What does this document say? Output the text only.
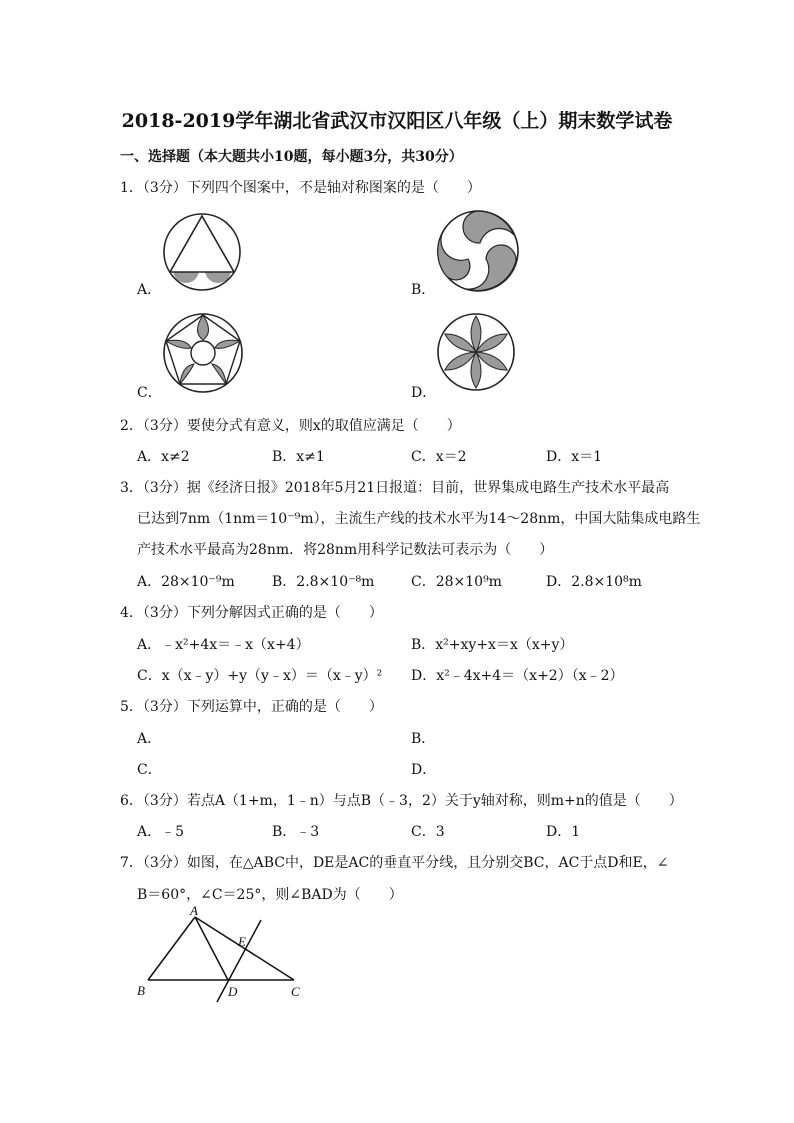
2018-2019学年湖北省武汉市汉阳区八年级（上）期末数学试卷
一、选择题（本大题共小10题，每小题3分，共30分）
1．（3分）下列四个图案中，不是轴对称图案的是（　　）
A．	B．
C．	D．
2．（3分）要使分式有意义，则x的取值应满足（　　）
A．x≠2	B．x≠1	C．x＝2	D．x＝1
3．（3分）据《经济日报》2018年5月21日报道：目前，世界集成电路生产技术水平最高
已达到7nm（1nm＝10⁻⁹m），主流生产线的技术水平为14～28nm，中国大陆集成电路生
产技术水平最高为28nm．将28nm用科学记数法可表示为（　　）
A．28×10⁻⁹m	B．2.8×10⁻⁸m	C．28×10⁹m	D．2.8×10⁸m
4．（3分）下列分解因式正确的是（　　）
A．﹣x²+4x＝﹣x（x+4）	B．x²+xy+x＝x（x+y）
C．x（x﹣y）+y（y﹣x）＝（x﹣y）² D．x²﹣4x+4＝（x+2）（x﹣2）
5．（3分）下列运算中，正确的是（　　）
A．	B．
C．	D．
6．（3分）若点A（1+m，1﹣n）与点B（﹣3，2）关于y轴对称，则m+n的值是（　　）
A．﹣5	B．﹣3	C．3	D．1
7．（3分）如图，在△ABC中，DE是AC的垂直平分线，且分别交BC，AC于点D和E，∠
B＝60°，∠C＝25°，则∠BAD为（　　）
A
B	C
D
E
